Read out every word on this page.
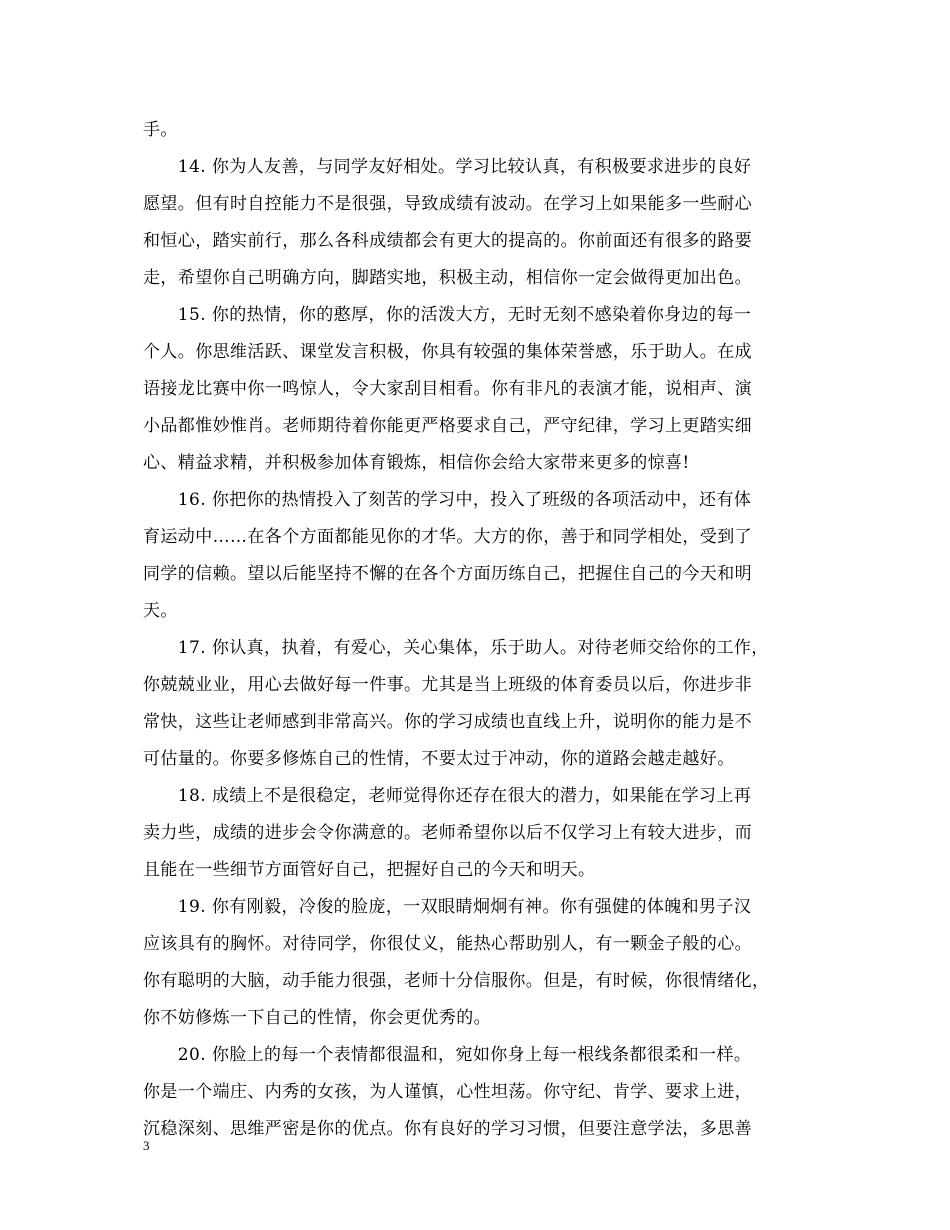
手。
　　14. 你为人友善，与同学友好相处。学习比较认真，有积极要求进步的良好
愿望。但有时自控能力不是很强，导致成绩有波动。在学习上如果能多一些耐心
和恒心，踏实前行，那么各科成绩都会有更大的提高的。你前面还有很多的路要
走，希望你自己明确方向，脚踏实地，积极主动，相信你一定会做得更加出色。
　　15. 你的热情，你的憨厚，你的活泼大方，无时无刻不感染着你身边的每一
个人。你思维活跃、课堂发言积极，你具有较强的集体荣誉感，乐于助人。在成
语接龙比赛中你一鸣惊人，令大家刮目相看。你有非凡的表演才能，说相声、演
小品都惟妙惟肖。老师期待着你能更严格要求自己，严守纪律，学习上更踏实细
心、精益求精，并积极参加体育锻炼，相信你会给大家带来更多的惊喜!
　　16. 你把你的热情投入了刻苦的学习中，投入了班级的各项活动中，还有体
育运动中……在各个方面都能见你的才华。大方的你，善于和同学相处，受到了
同学的信赖。望以后能坚持不懈的在各个方面历练自己，把握住自己的今天和明
天。
　　17. 你认真，执着，有爱心，关心集体，乐于助人。对待老师交给你的工作，
你兢兢业业，用心去做好每一件事。尤其是当上班级的体育委员以后，你进步非
常快，这些让老师感到非常高兴。你的学习成绩也直线上升，说明你的能力是不
可估量的。你要多修炼自己的性情，不要太过于冲动，你的道路会越走越好。
　　18. 成绩上不是很稳定，老师觉得你还存在很大的潜力，如果能在学习上再
卖力些，成绩的进步会令你满意的。老师希望你以后不仅学习上有较大进步，而
且能在一些细节方面管好自己，把握好自己的今天和明天。
　　19. 你有刚毅，冷俊的脸庞，一双眼睛炯炯有神。你有强健的体魄和男子汉
应该具有的胸怀。对待同学，你很仗义，能热心帮助别人，有一颗金子般的心。
你有聪明的大脑，动手能力很强，老师十分信服你。但是，有时候，你很情绪化，
你不妨修炼一下自己的性情，你会更优秀的。
　　20. 你脸上的每一个表情都很温和，宛如你身上每一根线条都很柔和一样。
你是一个端庄、内秀的女孩，为人谨慎，心性坦荡。你守纪、肯学、要求上进，
沉稳深刻、思维严密是你的优点。你有良好的学习习惯，但要注意学法，多思善
3
